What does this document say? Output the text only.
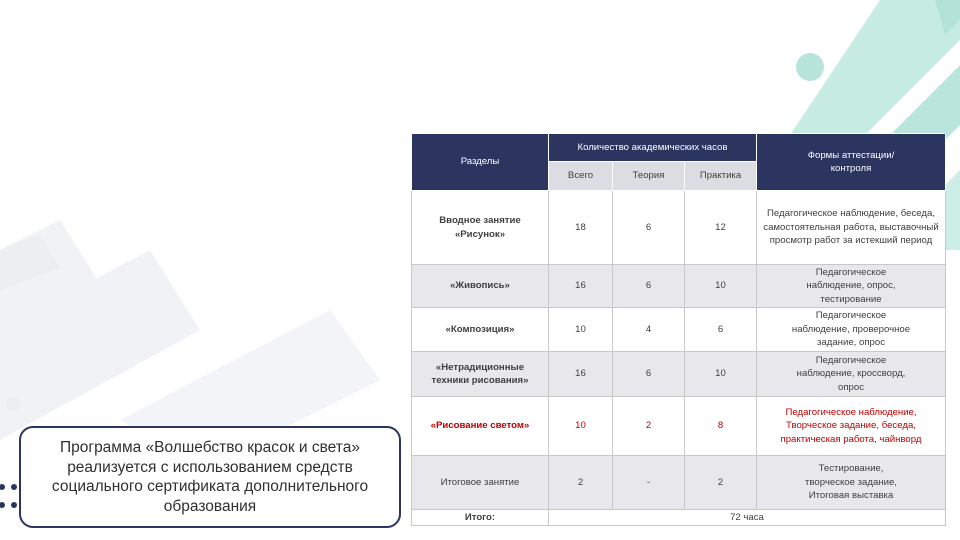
Разделы	Количество академических часов			Формы аттестации/ контроля
	Всего	Теория	Практика	
Вводное занятие «Рисунок»	18	6	12	Педагогическое наблюдение, беседа, самостоятельная работа, выставочный просмотр работ за истекший период
«Живопись»	16	6	10	Педагогическое наблюдение, опрос, тестирование
«Композиция»	10	4	6	Педагогическое наблюдение, проверочное задание, опрос
«Нетрадиционные техники рисования»	16	6	10	Педагогическое наблюдение, кроссворд, опрос
«Рисование светом»	10	2	8	Педагогическое наблюдение, Творческое задание, беседа, практическая работа, чайнворд
Итоговое занятие	2	-	2	Тестирование, творческое задание, Итоговая выставка
Итого:	72 часа			
Программа «Волшебство красок и света» реализуется с использованием средств социального сертификата дополнительного образования
